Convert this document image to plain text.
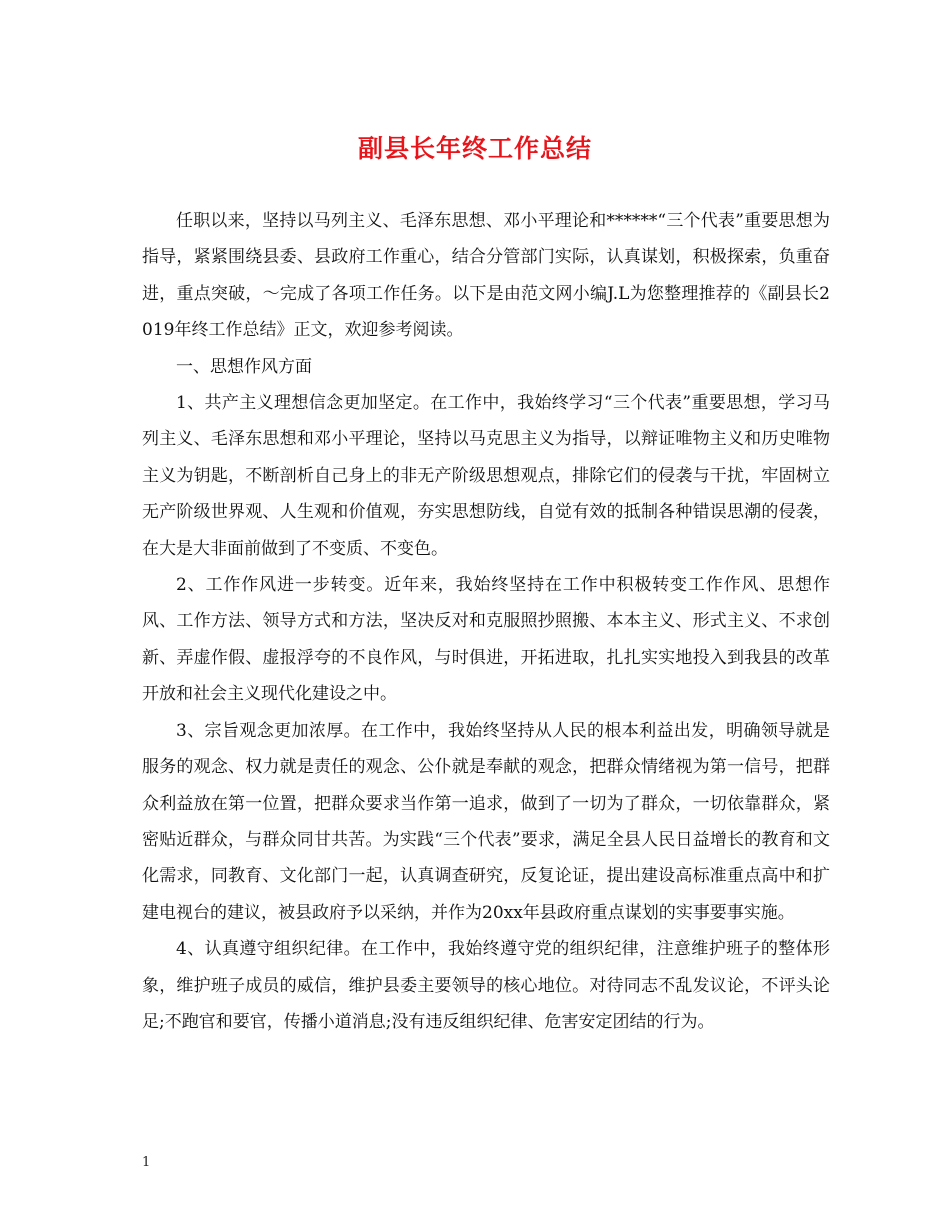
副县长年终工作总结

任职以来，坚持以马列主义、毛泽东思想、邓小平理论和******“三个代表”重要思想为指导，紧紧围绕县委、县政府工作重心，结合分管部门实际，认真谋划，积极探索，负重奋进，重点突破，～完成了各项工作任务。以下是由范文网小编J.L为您整理推荐的《副县长2019年终工作总结》正文，欢迎参考阅读。

一、思想作风方面

1、共产主义理想信念更加坚定。在工作中，我始终学习“三个代表”重要思想，学习马列主义、毛泽东思想和邓小平理论，坚持以马克思主义为指导，以辩证唯物主义和历史唯物主义为钥匙，不断剖析自己身上的非无产阶级思想观点，排除它们的侵袭与干扰，牢固树立无产阶级世界观、人生观和价值观，夯实思想防线，自觉有效的抵制各种错误思潮的侵袭，在大是大非面前做到了不变质、不变色。

2、工作作风进一步转变。近年来，我始终坚持在工作中积极转变工作作风、思想作风、工作方法、领导方式和方法，坚决反对和克服照抄照搬、本本主义、形式主义、不求创新、弄虚作假、虚报浮夸的不良作风，与时俱进，开拓进取，扎扎实实地投入到我县的改革开放和社会主义现代化建设之中。

3、宗旨观念更加浓厚。在工作中，我始终坚持从人民的根本利益出发，明确领导就是服务的观念、权力就是责任的观念、公仆就是奉献的观念，把群众情绪视为第一信号，把群众利益放在第一位置，把群众要求当作第一追求，做到了一切为了群众，一切依靠群众，紧密贴近群众，与群众同甘共苦。为实践“三个代表”要求，满足全县人民日益增长的教育和文化需求，同教育、文化部门一起，认真调查研究，反复论证，提出建设高标准重点高中和扩建电视台的建议，被县政府予以采纳，并作为20xx年县政府重点谋划的实事要事实施。

4、认真遵守组织纪律。在工作中，我始终遵守党的组织纪律，注意维护班子的整体形象，维护班子成员的威信，维护县委主要领导的核心地位。对待同志不乱发议论，不评头论足;不跑官和要官，传播小道消息;没有违反组织纪律、危害安定团结的行为。

1
